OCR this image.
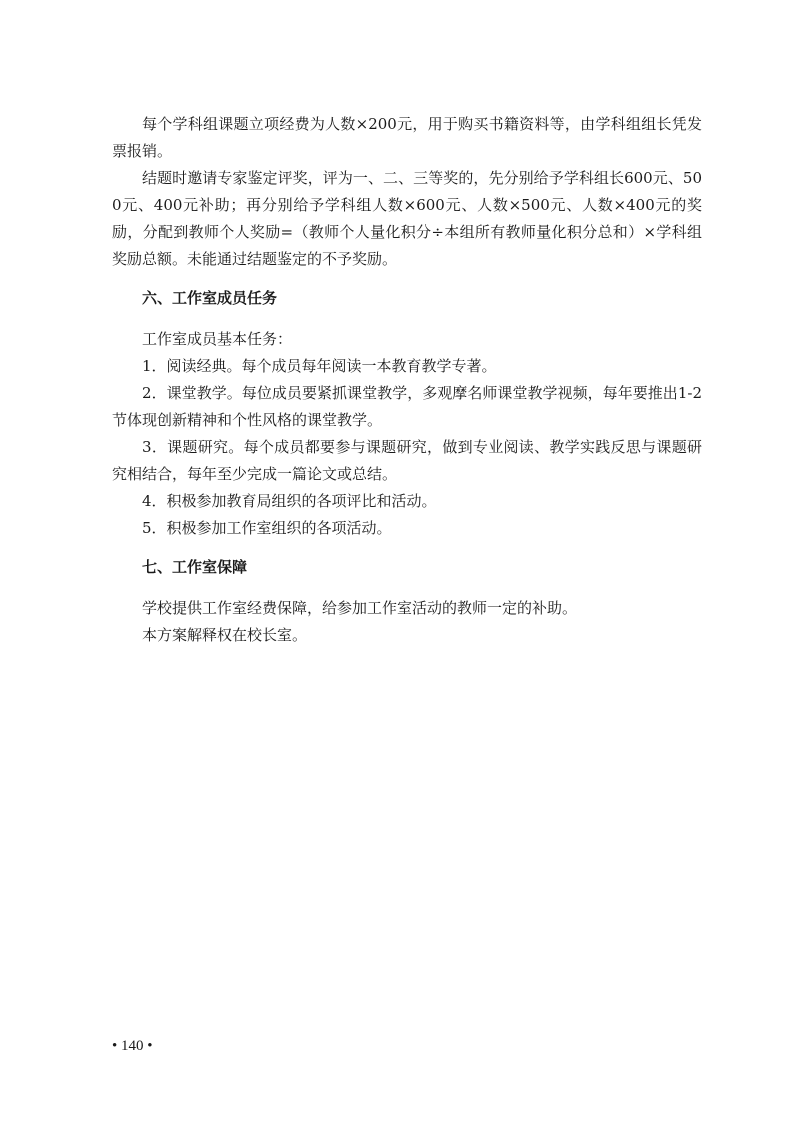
每个学科组课题立项经费为人数×200元，用于购买书籍资料等，由学科组组长凭发票报销。

结题时邀请专家鉴定评奖，评为一、二、三等奖的，先分别给予学科组长600元、500元、400元补助；再分别给予学科组人数×600元、人数×500元、人数×400元的奖励，分配到教师个人奖励=（教师个人量化积分÷本组所有教师量化积分总和）×学科组奖励总额。未能通过结题鉴定的不予奖励。

六、工作室成员任务

工作室成员基本任务：

1．阅读经典。每个成员每年阅读一本教育教学专著。

2．课堂教学。每位成员要紧抓课堂教学，多观摩名师课堂教学视频，每年要推出1-2节体现创新精神和个性风格的课堂教学。

3．课题研究。每个成员都要参与课题研究，做到专业阅读、教学实践反思与课题研究相结合，每年至少完成一篇论文或总结。

4．积极参加教育局组织的各项评比和活动。

5．积极参加工作室组织的各项活动。

七、工作室保障

学校提供工作室经费保障，给参加工作室活动的教师一定的补助。

本方案解释权在校长室。

• 140 •
